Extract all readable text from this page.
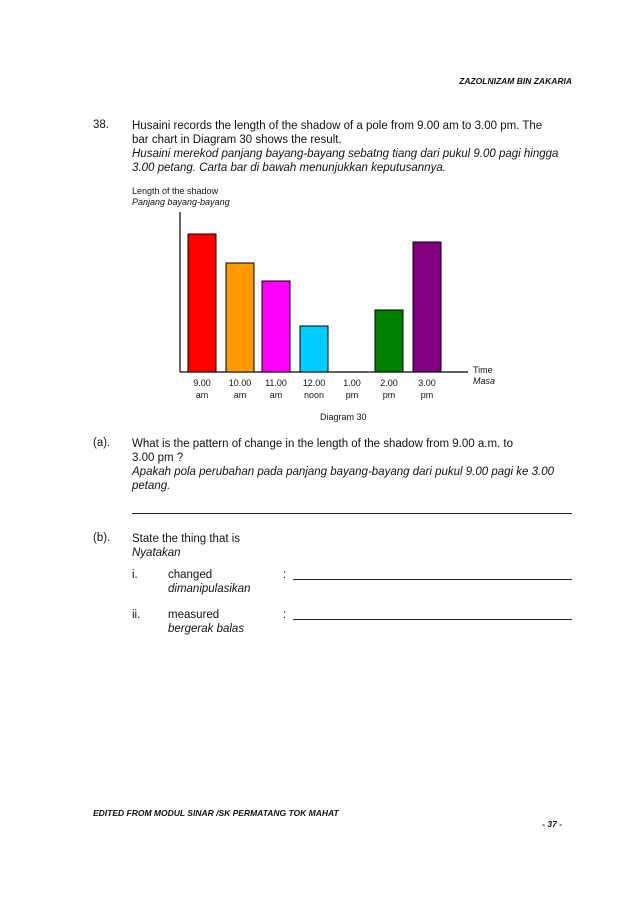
ZAZOLNIZAM BIN ZAKARIA
38. Husaini records the length of the shadow of a pole from 9.00 am to 3.00 pm. The
bar chart in Diagram 30 shows the result.
Husaini merekod panjang bayang-bayang sebatng tiang dari pukul 9.00 pagi hingga
3.00 petang. Carta bar di bawah menunjukkan keputusannya.
Length of the shadow
Panjang bayang-bayang
9.00
am
10.00
am
11.00
am
12.00
noon
1.00
pm
2.00
pm
3.00
pm
Time
Masa
Diagram 30
(a). What is the pattern of change in the length of the shadow from 9.00 a.m. to
3.00 pm ?
Apakah pola perubahan pada panjang bayang-bayang dari pukul 9.00 pagi ke 3.00
petang.
(b). State the thing that is
Nyatakan
i.	changed
dimanipulasikan
:
ii. measured
bergerak balas
:
EDITED FROM MODUL SINAR /SK PERMATANG TOK MAHAT
- 37 -
